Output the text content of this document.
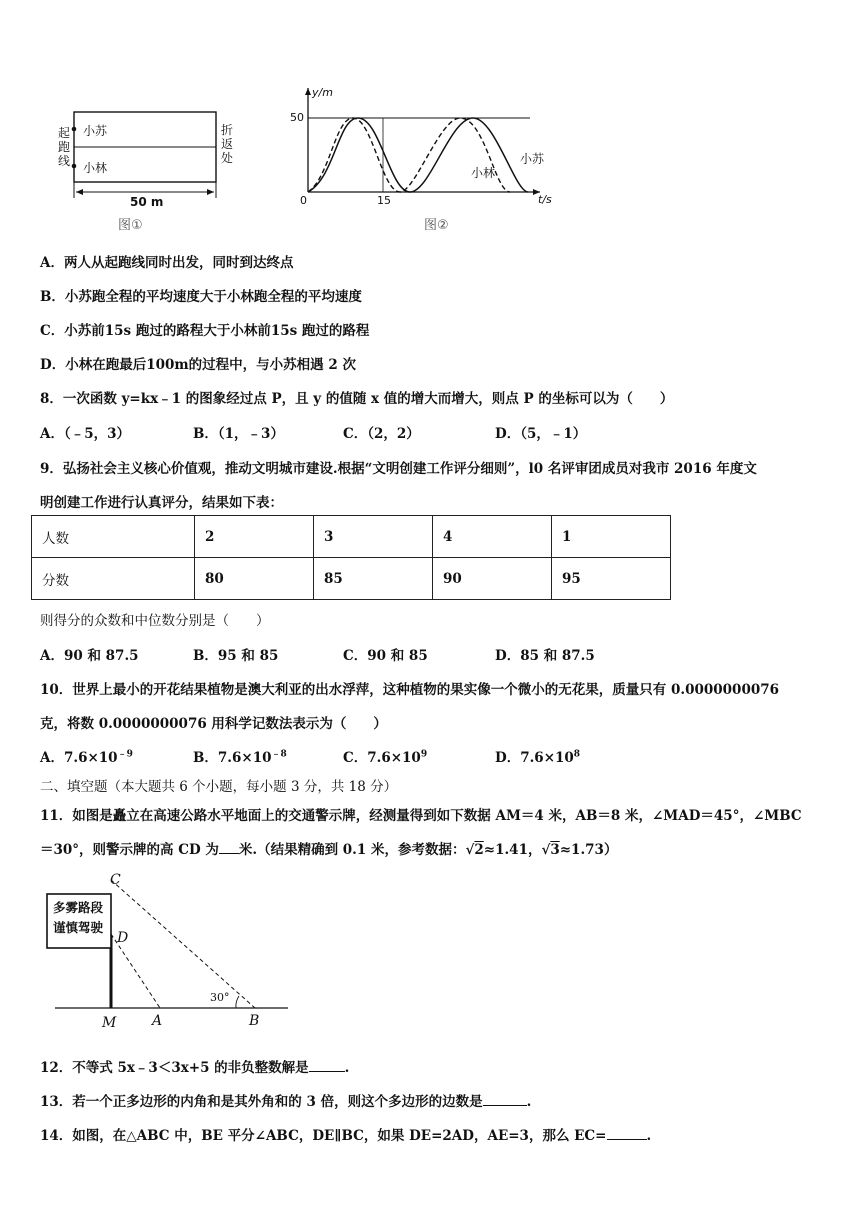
起跑线
折返处
小苏
小林
50 m
图①
y/m
50
0	15	t/s
小苏
小林
图②
A．两人从起跑线同时出发，同时到达终点
B．小苏跑全程的平均速度大于小林跑全程的平均速度
C．小苏前15s 跑过的路程大于小林前15s 跑过的路程
D．小林在跑最后100m的过程中，与小苏相遇 2 次
8．一次函数 y=kx﹣1 的图象经过点 P，且 y 的值随 x 值的增大而增大，则点 P 的坐标可以为（　　）
A．（﹣5，3）	B．（1，﹣3）	C．（2，2）	D．（5，﹣1）
9．弘扬社会主义核心价值观，推动文明城市建设.根据“文明创建工作评分细则”，l0 名评审团成员对我市 2016 年度文
明创建工作进行认真评分，结果如下表：
人数	2	3	4	1
分数	80	85	90	95
则得分的众数和中位数分别是（　　）
A．90 和 87.5	B．95 和 85	C．90 和 85	D．85 和 87.5
10．世界上最小的开花结果植物是澳大利亚的出水浮萍，这种植物的果实像一个微小的无花果，质量只有 0.0000000076
克，将数 0.0000000076 用科学记数法表示为（　　）
A．$7.6\times 10^{﹣9}$	B．$7.6\times 10^{﹣8}$	C．$7.6\times 10^9$	D．$7.6\times 10^8$
二、填空题（本大题共 6 个小题，每小题 3 分，共 18 分）
11．如图是矗立在高速公路水平地面上的交通警示牌，经测量得到如下数据 AM＝4 米，AB＝8 米，∠MAD＝45°，∠MBC
＝30°，则警示牌的高 CD 为 米.（结果精确到 0.1 米，参考数据：√2≈1.41，√3≈1.73）
多雾路段
谨慎驾驶
C
D
M	A	B
30°
12．不等式 5x﹣3＜3x+5 的非负整数解是	.
13．若一个正多边形的内角和是其外角和的 3 倍，则这个多边形的边数是	.
14．如图，在△ABC 中，BE 平分∠ABC，DE∥BC，如果 DE=2AD，AE=3，那么 EC=	.
